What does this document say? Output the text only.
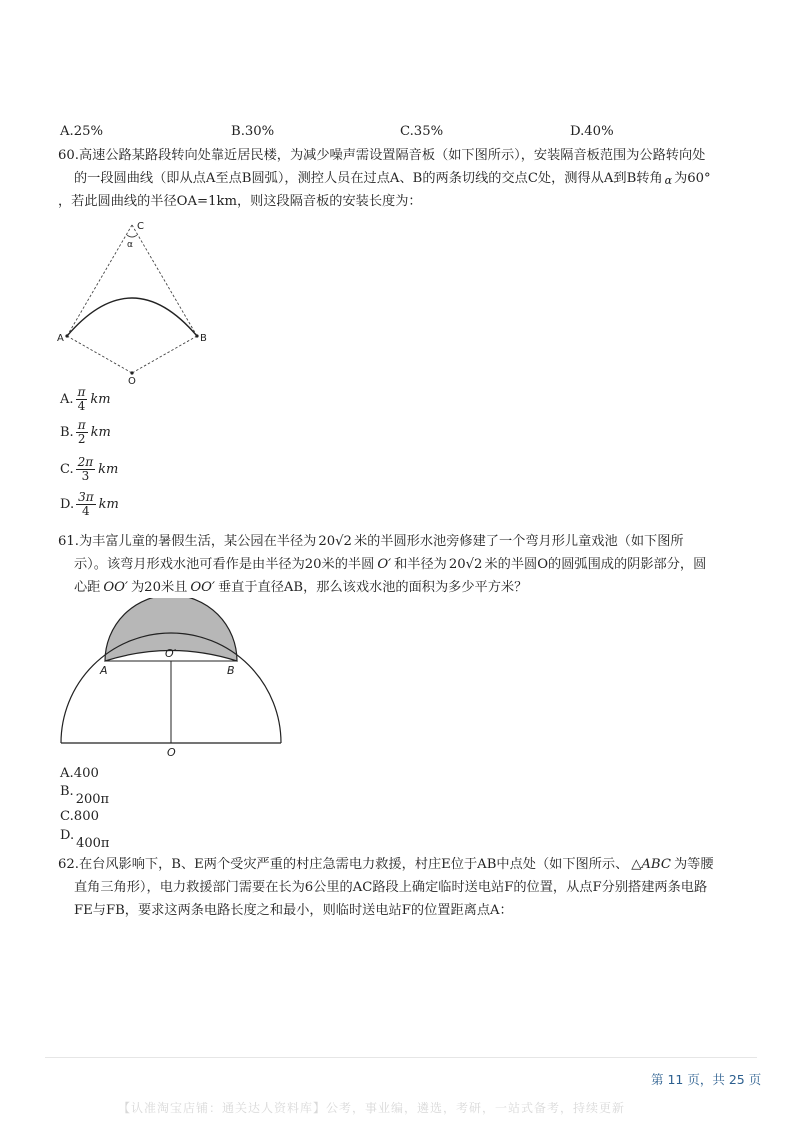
A.25%	B.30%	C.35%	D.40%
60.高速公路某路段转向处靠近居民楼，为减少噪声需设置隔音板（如下图所示），安装隔音板范围为公路转向处
的一段圆曲线（即从点A至点B圆弧），测控人员在过点A、B的两条切线的交点C处，测得从A到B转角 α 为60°
，若此圆曲线的半径OA=1km，则这段隔音板的安装长度为：
C
α
A	B
O
A. $\frac{\pi}{4}$ km
B. $\frac{\pi}{2}$ km
C. $\frac{2\pi}{3}$ km
D. $\frac{3\pi}{4}$ km
61.为丰富儿童的暑假生活，某公园在半径为 20√2 米的半圆形水池旁修建了一个弯月形儿童戏池（如下图所
示）。该弯月形戏水池可看作是由半径为20米的半圆 O′ 和半径为 20√2 米的半圆O的圆弧围成的阴影部分，圆
心距 OO′ 为20米且 OO′ 垂直于直径AB，那么该戏水池的面积为多少平方米？
O′
A	B
O
A.400
B.200π
C.800
D.400π
62.在台风影响下，B、E两个受灾严重的村庄急需电力救援，村庄E位于AB中点处（如下图所示、 △ABC 为等腰
直角三角形），电力救援部门需要在长为6公里的AC路段上确定临时送电站F的位置，从点F分别搭建两条电路
FE与FB，要求这两条电路长度之和最小，则临时送电站F的位置距离点A：
第 11 页，共 25 页
【认准淘宝店铺：通关达人资料库】公考，事业编，遴选，考研，一站式备考，持续更新
